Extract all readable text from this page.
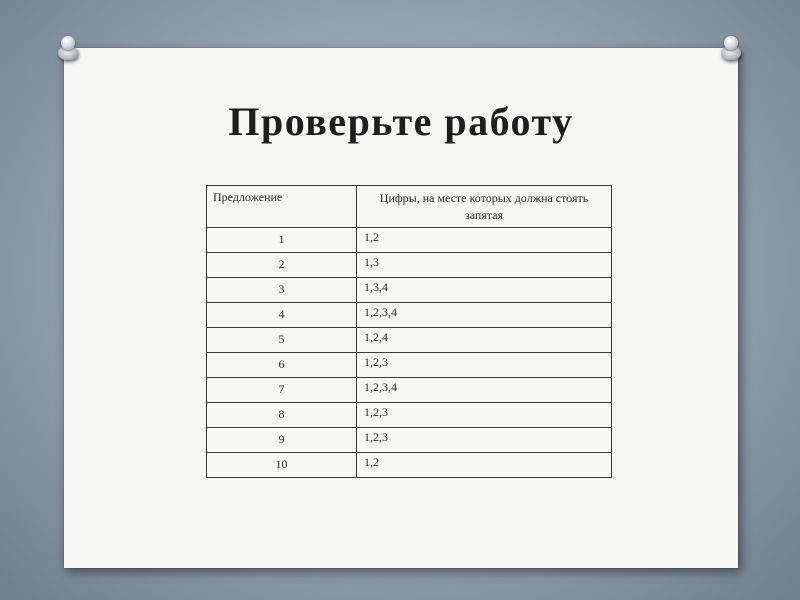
Проверьте работу
Предложение	Цифры, на месте которых должна стоять запятая
1	1,2
2	1,3
3	1,3,4
4	1,2,3,4
5	1,2,4
6	1,2,3
7	1,2,3,4
8	1,2,3
9	1,2,3
10	1,2
